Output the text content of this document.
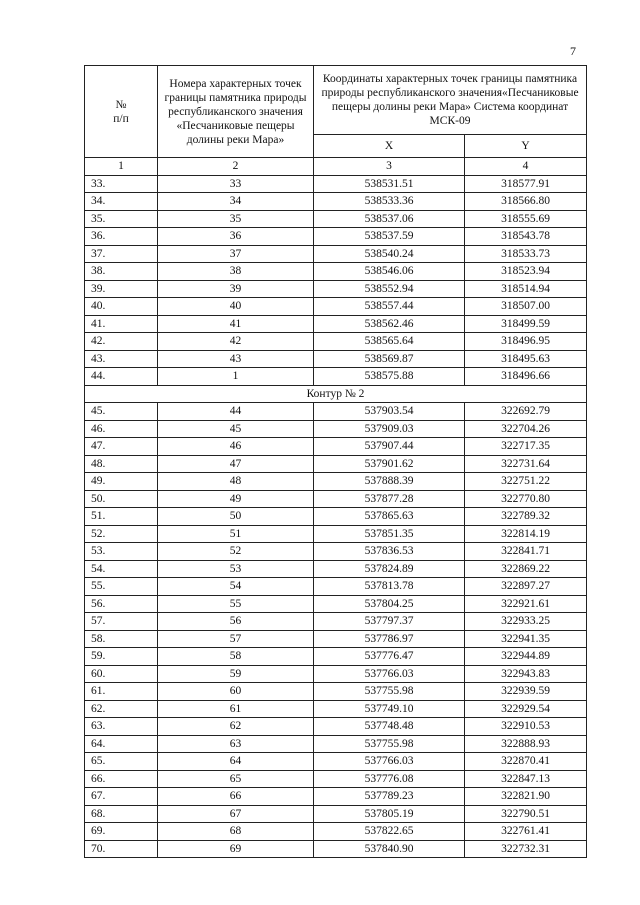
7
№
п/п	Номера характерных точек границы памятника природы республиканского значения «Песчаниковые пещеры долины реки Мара»	Координаты характерных точек границы памятника природы республиканского значения«Песчаниковые пещеры долины реки Мара» Система координат МСК-09	
		X	Y
1	2	3	4
33.	33	538531.51	318577.91
34.	34	538533.36	318566.80
35.	35	538537.06	318555.69
36.	36	538537.59	318543.78
37.	37	538540.24	318533.73
38.	38	538546.06	318523.94
39.	39	538552.94	318514.94
40.	40	538557.44	318507.00
41.	41	538562.46	318499.59
42.	42	538565.64	318496.95
43.	43	538569.87	318495.63
44.	1	538575.88	318496.66
Контур № 2			
45.	44	537903.54	322692.79
46.	45	537909.03	322704.26
47.	46	537907.44	322717.35
48.	47	537901.62	322731.64
49.	48	537888.39	322751.22
50.	49	537877.28	322770.80
51.	50	537865.63	322789.32
52.	51	537851.35	322814.19
53.	52	537836.53	322841.71
54.	53	537824.89	322869.22
55.	54	537813.78	322897.27
56.	55	537804.25	322921.61
57.	56	537797.37	322933.25
58.	57	537786.97	322941.35
59.	58	537776.47	322944.89
60.	59	537766.03	322943.83
61.	60	537755.98	322939.59
62.	61	537749.10	322929.54
63.	62	537748.48	322910.53
64.	63	537755.98	322888.93
65.	64	537766.03	322870.41
66.	65	537776.08	322847.13
67.	66	537789.23	322821.90
68.	67	537805.19	322790.51
69.	68	537822.65	322761.41
70.	69	537840.90	322732.31
